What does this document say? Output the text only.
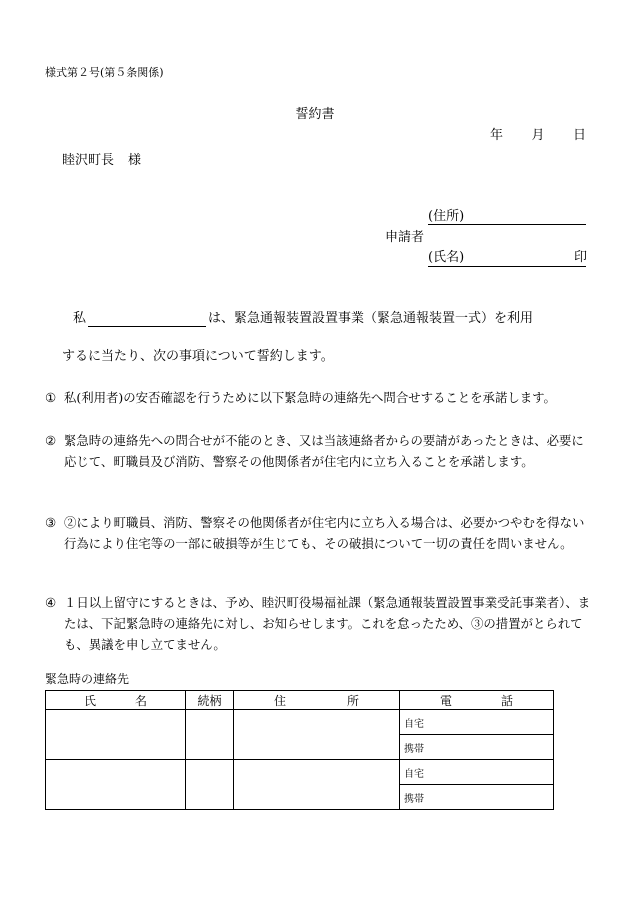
様式第２号(第５条関係)
誓約書
年 月 日
睦沢町長 様
(住所)
申請者
(氏名)	印
私	は、緊急通報装置設置事業（緊急通報装置一式）を利用
するに当たり、次の事項について誓約します。
① 私(利用者)の安否確認を行うために以下緊急時の連絡先へ問合せすることを承諾します。
② 緊急時の連絡先への問合せが不能のとき、又は当該連絡者からの要請があったときは、必要に応じて、町職員及び消防、警察その他関係者が住宅内に立ち入ることを承諾します。
③ ②により町職員、消防、警察その他関係者が住宅内に立ち入る場合は、必要かつやむを得ない行為により住宅等の一部に破損等が生じても、その破損について一切の責任を問いません。
④ １日以上留守にするときは、予め、睦沢町役場福祉課（緊急通報装置設置事業受託事業者）、または、下記緊急時の連絡先に対し、お知らせします。これを怠ったため、③の措置がとられても、異議を申し立てません。
緊急時の連絡先
氏 名	続柄	住 所	電 話

			自宅
			携帯
			自宅
			携帯
